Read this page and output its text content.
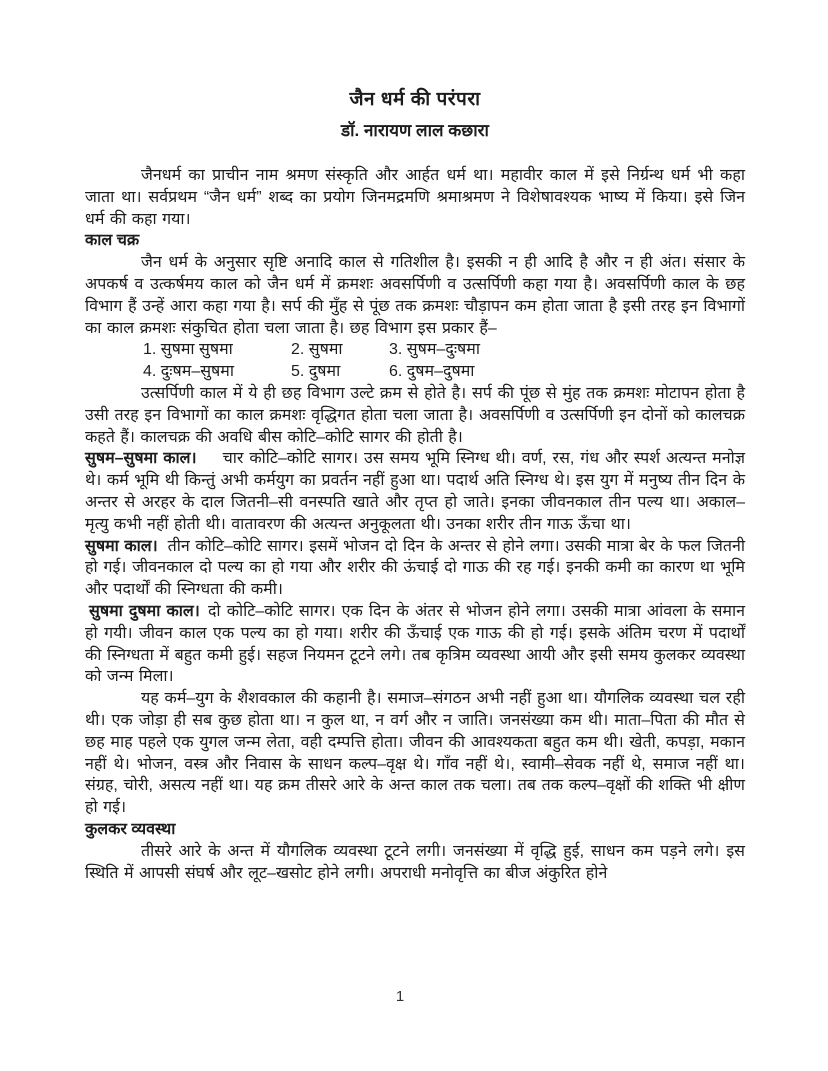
जैन धर्म की परंपरा
डॉ. नारायण लाल कछारा

जैनधर्म का प्राचीन नाम श्रमण संस्कृति और आर्हत धर्म था। महावीर काल में इसे निर्ग्रन्थ धर्म भी कहा जाता था। सर्वप्रथम “जैन धर्म” शब्द का प्रयोग जिनमद्रमणि श्रमाश्रमण ने विशेषावश्यक भाष्य में किया। इसे जिन धर्म की कहा गया।

काल चक्र

जैन धर्म के अनुसार सृष्टि अनादि काल से गतिशील है। इसकी न ही आदि है और न ही अंत। संसार के अपकर्ष व उत्कर्षमय काल को जैन धर्म में क्रमशः अवसर्पिणी व उत्सर्पिणी कहा गया है। अवसर्पिणी काल के छह विभाग हैं उन्हें आरा कहा गया है। सर्प की मुँह से पूंछ तक क्रमशः चौड़ापन कम होता जाता है इसी तरह इन विभागों का काल क्रमशः संकुचित होता चला जाता है। छह विभाग इस प्रकार हैं–

1. सुषमा सुषमा	2. सुषमा	3. सुषम–दुःषमा
4. दुःषम–सुषमा	5. दुषमा	6. दुषम–दुषमा

उत्सर्पिणी काल में ये ही छह विभाग उल्टे क्रम से होते है। सर्प की पूंछ से मुंह तक क्रमशः मोटापन होता है उसी तरह इन विभागों का काल क्रमशः वृद्धिगत होता चला जाता है। अवसर्पिणी व उत्सर्पिणी इन दोनों को कालचक्र कहते हैं। कालचक्र की अवधि बीस कोटि–कोटि सागर की होती है।

सुषम–सुषमा काल। चार कोटि–कोटि सागर। उस समय भूमि स्निग्ध थी। वर्ण, रस, गंध और स्पर्श अत्यन्त मनोज्ञ थे। कर्म भूमि थी किन्तुं अभी कर्मयुग का प्रवर्तन नहीं हुआ था। पदार्थ अति स्निग्ध थे। इस युग में मनुष्य तीन दिन के अन्तर से अरहर के दाल जितनी–सी वनस्पति खाते और तृप्त हो जाते। इनका जीवनकाल तीन पल्य था। अकाल–मृत्यु कभी नहीं होती थी। वातावरण की अत्यन्त अनुकूलता थी। उनका शरीर तीन गाऊ ऊँचा था।

सुषमा काल। तीन कोटि–कोटि सागर। इसमें भोजन दो दिन के अन्तर से होने लगा। उसकी मात्रा बेर के फल जितनी हो गई। जीवनकाल दो पल्य का हो गया और शरीर की ऊंचाई दो गाऊ की रह गई। इनकी कमी का कारण था भूमि और पदार्थों की स्निग्धता की कमी।

सुषमा दुषमा काल। दो कोटि–कोटि सागर। एक दिन के अंतर से भोजन होने लगा। उसकी मात्रा आंवला के समान हो गयी। जीवन काल एक पल्य का हो गया। शरीर की ऊँचाई एक गाऊ की हो गई। इसके अंतिम चरण में पदार्थों की स्निग्धता में बहुत कमी हुई। सहज नियमन टूटने लगे। तब कृत्रिम व्यवस्था आयी और इसी समय कुलकर व्यवस्था को जन्म मिला।

यह कर्म–युग के शैशवकाल की कहानी है। समाज–संगठन अभी नहीं हुआ था। यौगलिक व्यवस्था चल रही थी। एक जोड़ा ही सब कुछ होता था। न कुल था, न वर्ग और न जाति। जनसंख्या कम थी। माता–पिता की मौत से छह माह पहले एक युगल जन्म लेता, वही दम्पत्ति होता। जीवन की आवश्यकता बहुत कम थी। खेती, कपड़ा, मकान नहीं थे। भोजन, वस्त्र और निवास के साधन कल्प–वृक्ष थे। गाँव नहीं थे।, स्वामी–सेवक नहीं थे, समाज नहीं था। संग्रह, चोरी, असत्य नहीं था। यह क्रम तीसरे आरे के अन्त काल तक चला। तब तक कल्प–वृक्षों की शक्ति भी क्षीण हो गई।

कुलकर व्यवस्था

तीसरे आरे के अन्त में यौगलिक व्यवस्था टूटने लगी। जनसंख्या में वृद्धि हुई, साधन कम पड़ने लगे। इस स्थिति में आपसी संघर्ष और लूट–खसोट होने लगी। अपराधी मनोवृत्ति का बीज अंकुरित होने

1
